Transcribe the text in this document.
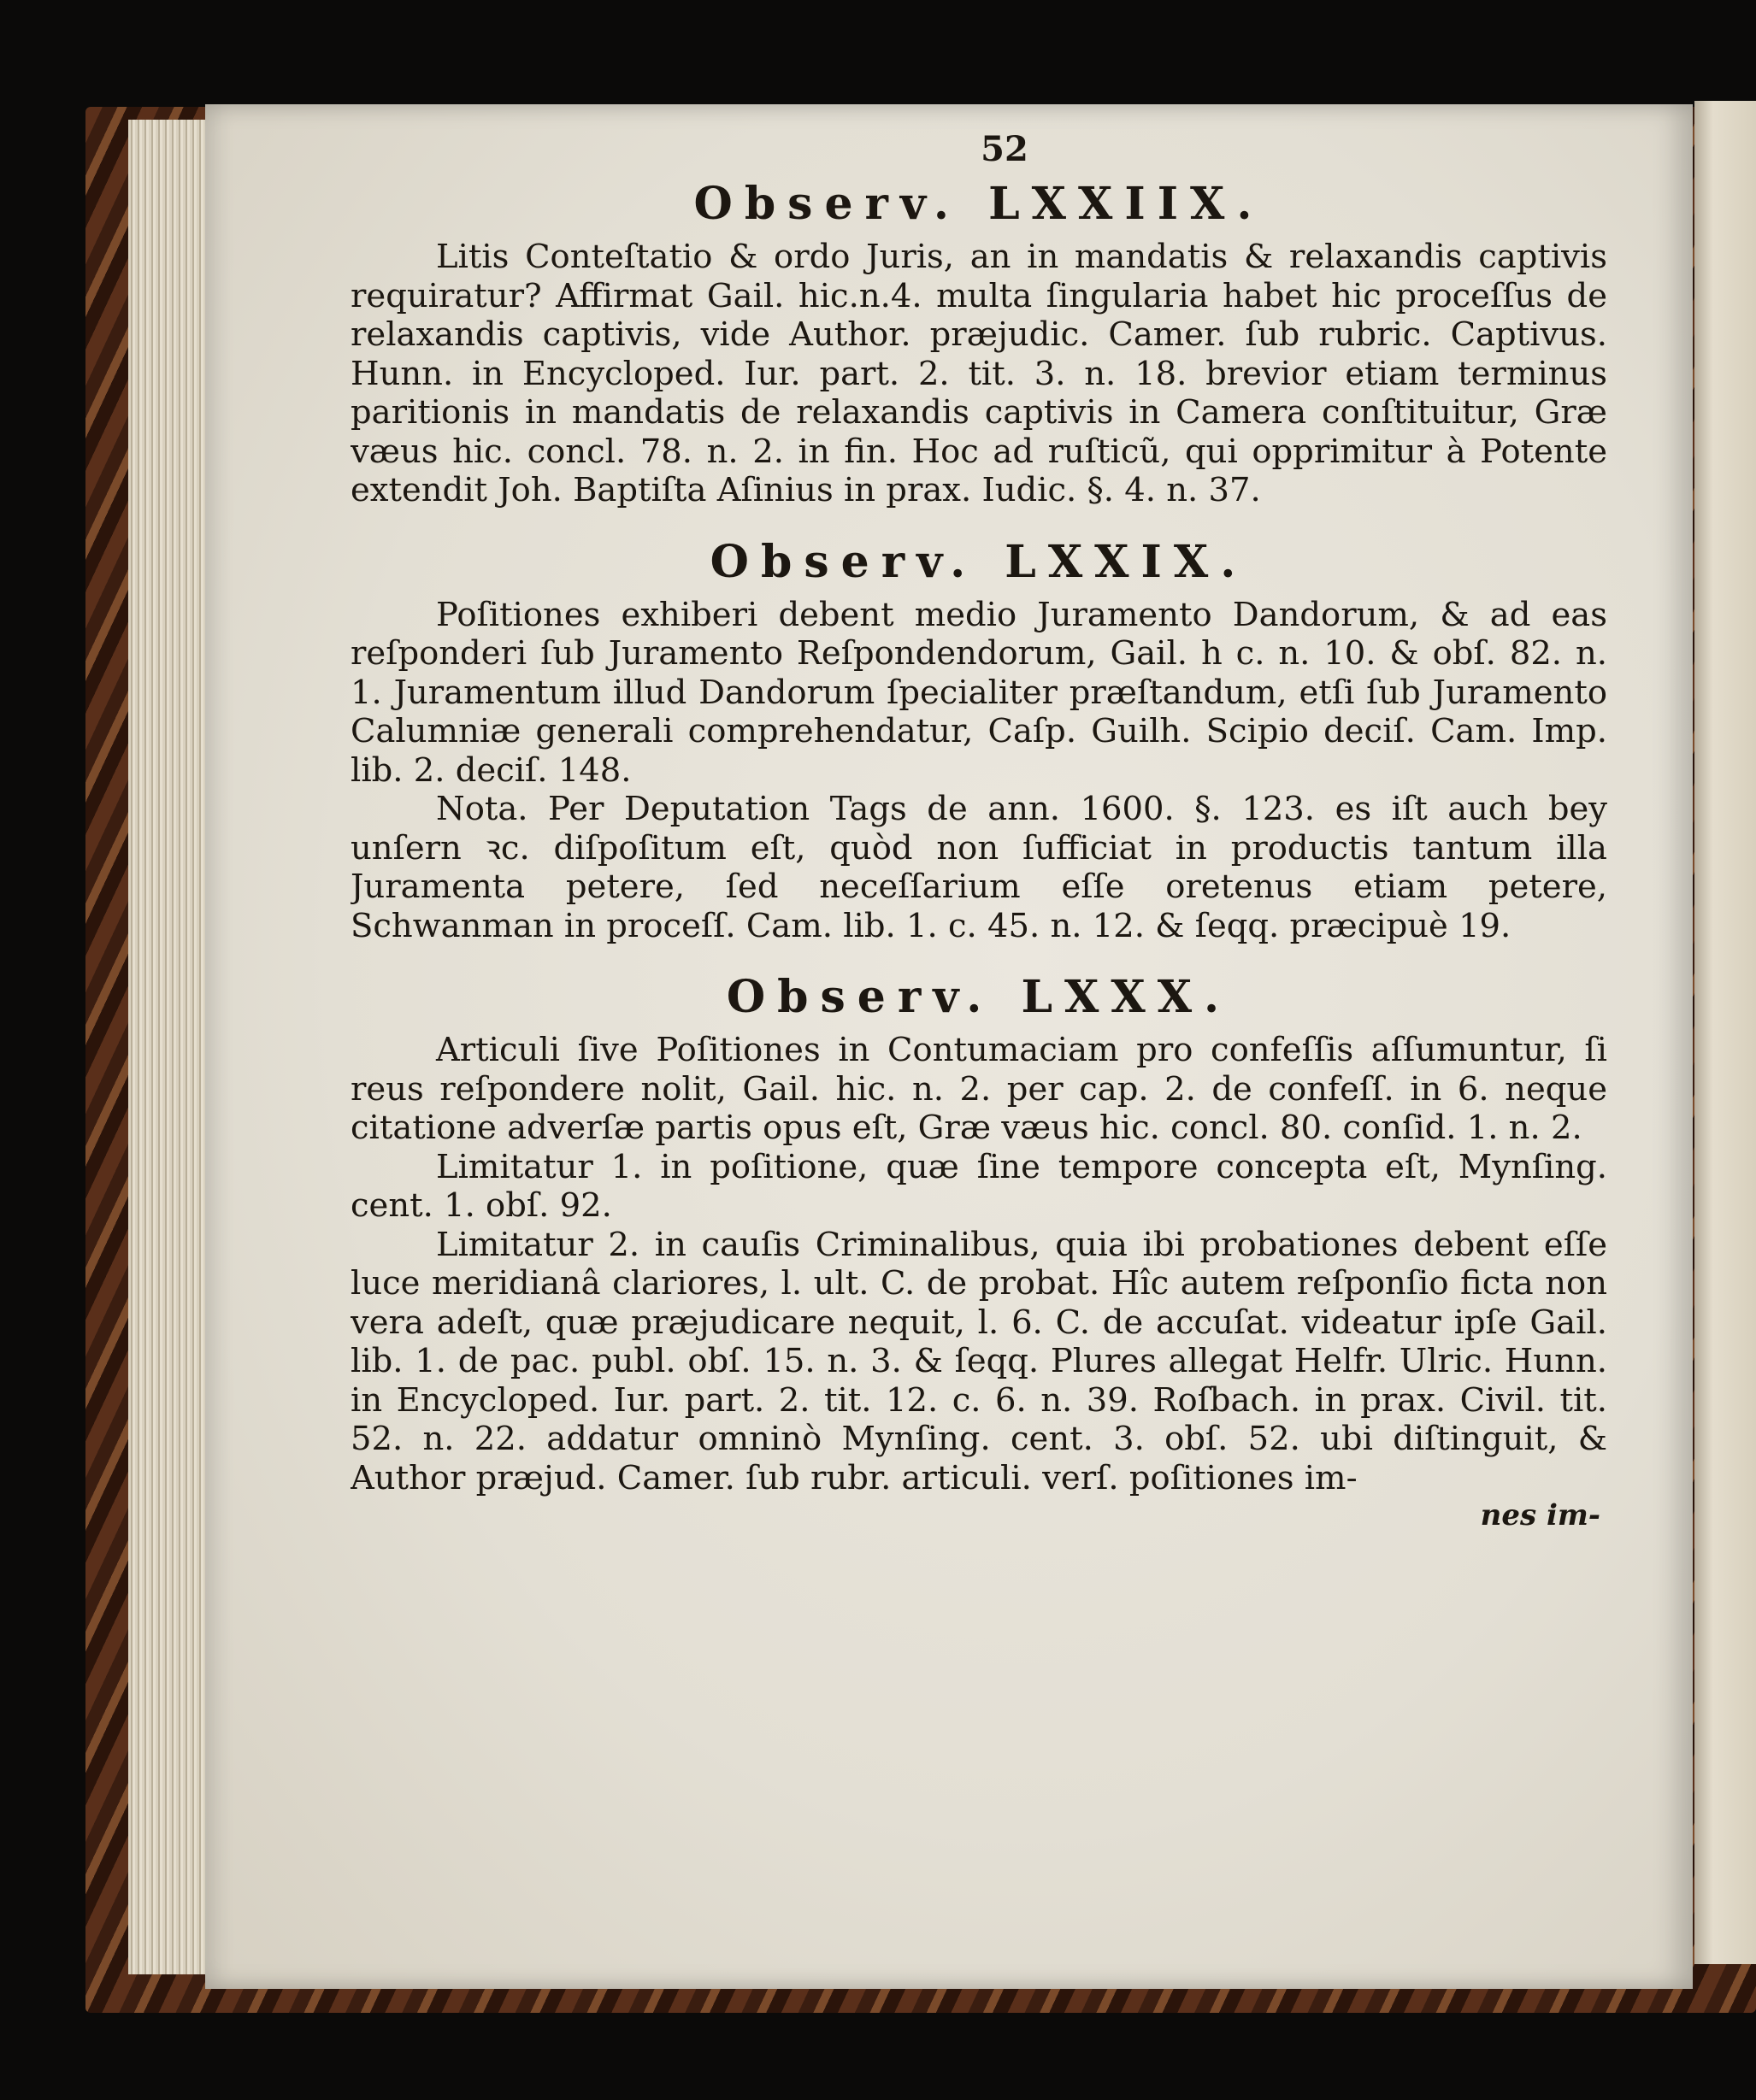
52
Observ. LXXIIX.

Litis Conteſtatio & ordo Juris, an in mandatis & relaxandis captivis requiratur? Affirmat Gail. hic.n.4. multa ſingularia habet hic proceſſus de relaxandis captivis, vide Author. præjudic. Camer. ſub rubric. Captivus. Hunn. in Encycloped. Iur. part. 2. tit. 3. n. 18. brevior etiam terminus paritionis in mandatis de relaxandis captivis in Camera conſtituitur, Græ væus hic. concl. 78. n. 2. in fin. Hoc ad ruſticũ, qui opprimitur à Potente extendit Joh. Baptiſta Aſinius in prax. Iudic. §. 4. n. 37.

Observ. LXXIX.

Poſitiones exhiberi debent medio Juramento Dandorum, & ad eas reſponderi ſub Juramento Reſpondendorum, Gail. h c. n. 10. & obſ. 82. n. 1. Juramentum illud Dandorum ſpecialiter præſtandum, etſi ſub Juramento Calumniæ generali comprehendatur, Caſp. Guilh. Scipio deciſ. Cam. Imp. lib. 2. deciſ. 148.

Nota. Per Deputation Tags de ann. 1600. §. 123. es iſt auch bey unſern ꝛc. diſpoſitum eſt, quòd non ſufficiat in productis tantum illa Juramenta petere, ſed neceſſarium eſſe oretenus etiam petere, Schwanman in proceſſ. Cam. lib. 1. c. 45. n. 12. & ſeqq. præcipuè 19.

Observ. LXXX.

Articuli ſive Poſitiones in Contumaciam pro confeſſis aſſumuntur, ſi reus reſpondere nolit, Gail. hic. n. 2. per cap. 2. de confeſſ. in 6. neque citatione adverſæ partis opus eſt, Græ væus hic. concl. 80. conſid. 1. n. 2.

Limitatur 1. in poſitione, quæ ſine tempore concepta eſt, Mynſing. cent. 1. obſ. 92.

Limitatur 2. in cauſis Criminalibus, quia ibi probationes debent eſſe luce meridianâ clariores, l. ult. C. de probat. Hîc autem reſponſio ficta non vera adeſt, quæ præjudicare nequit, l. 6. C. de accuſat. videatur ipſe Gail. lib. 1. de pac. publ. obſ. 15. n. 3. & ſeqq. Plures allegat Helfr. Ulric. Hunn. in Encycloped. Iur. part. 2. tit. 12. c. 6. n. 39. Roſbach. in prax. Civil. tit. 52. n. 22. addatur omninò Mynſing. cent. 3. obſ. 52. ubi diſtinguit, & Author præjud. Camer. ſub rubr. articuli. verſ. poſitiones im-

nes im-
